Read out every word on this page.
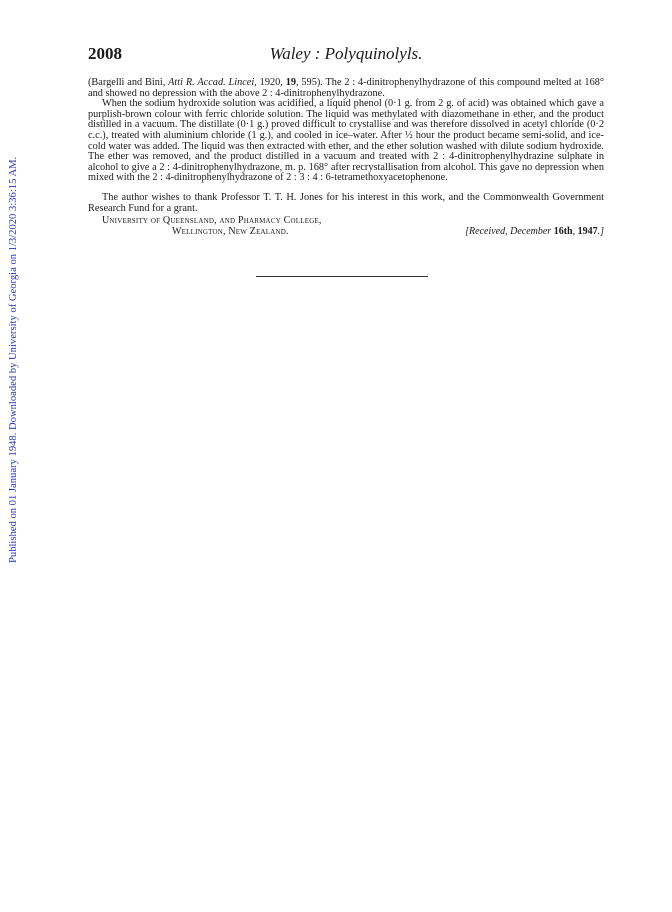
Published on 01 January 1948. Downloaded by University of Georgia on 1/3/2020 3:36:15 AM.
2008	Waley : Polyquinolyls.

(Bargelli and Bini, Atti R. Accad. Lincei, 1920, 19, 595). The 2 : 4-dinitrophenylhydrazone of this compound melted at 168° and showed no depression with the above 2 : 4-dinitrophenylhydrazone.

When the sodium hydroxide solution was acidified, a liquid phenol (0·1 g. from 2 g. of acid) was obtained which gave a purplish-brown colour with ferric chloride solution. The liquid was methylated with diazomethane in ether, and the product distilled in a vacuum. The distillate (0·1 g.) proved difficult to crystallise and was therefore dissolved in acetyl chloride (0·2 c.c.), treated with aluminium chloride (1 g.), and cooled in ice–water. After ½ hour the product became semi-solid, and ice-cold water was added. The liquid was then extracted with ether, and the ether solution washed with dilute sodium hydroxide. The ether was removed, and the product distilled in a vacuum and treated with 2 : 4-dinitrophenylhydrazine sulphate in alcohol to give a 2 : 4-dinitrophenylhydrazone, m. p. 168° after recrystallisation from alcohol. This gave no depression when mixed with the 2 : 4-dinitrophenylhydrazone of 2 : 3 : 4 : 6-tetramethoxyacetophenone.

The author wishes to thank Professor T. T. H. Jones for his interest in this work, and the Commonwealth Government Research Fund for a grant.

University of Queensland, and Pharmacy College,
Wellington, New Zealand.	[Received, December 16th, 1947.]
